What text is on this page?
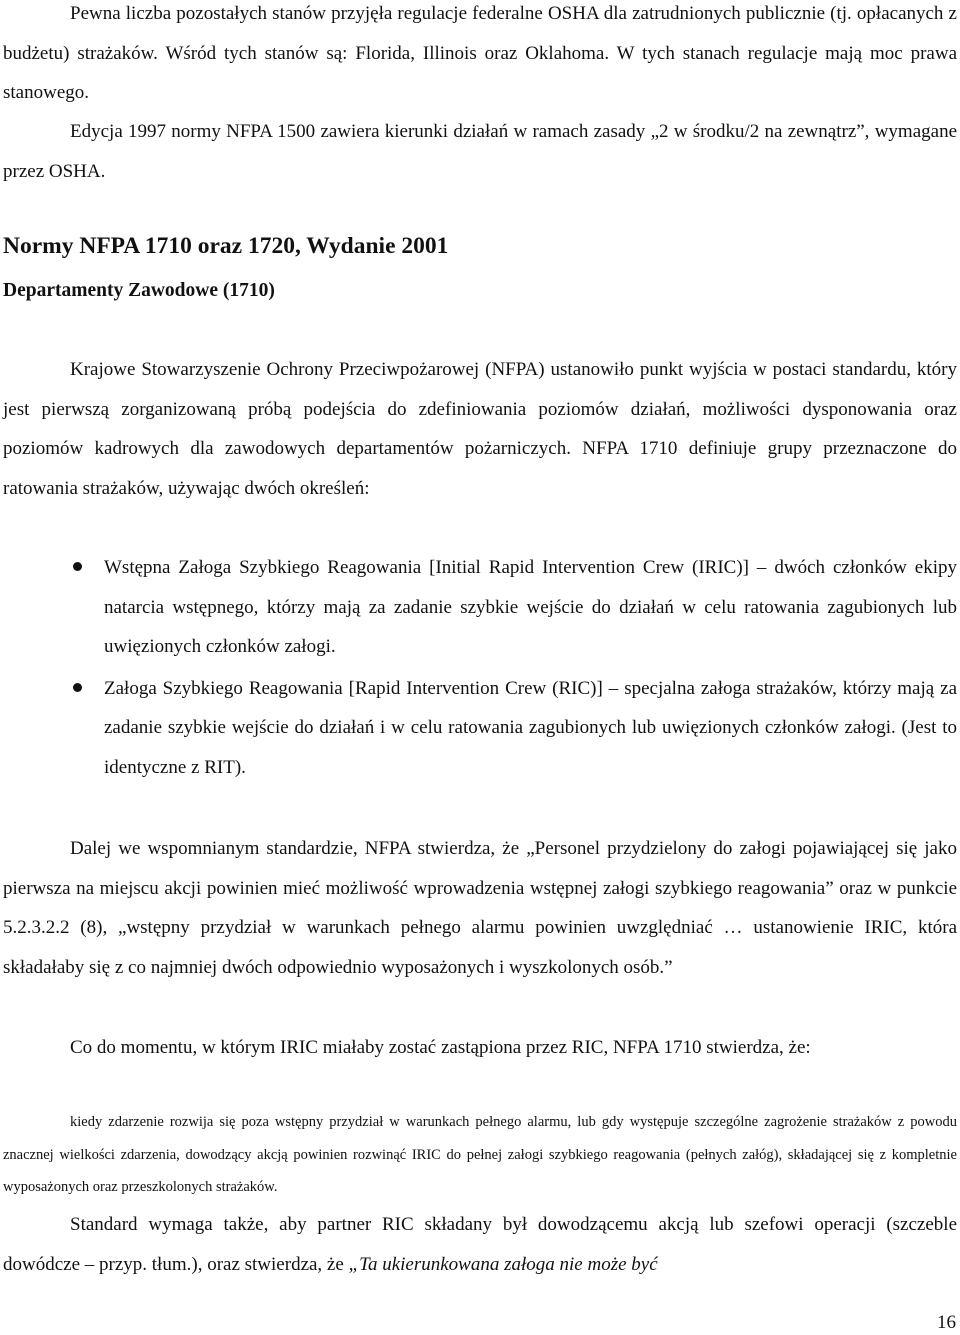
Pewna liczba pozostałych stanów przyjęła regulacje federalne OSHA dla zatrudnionych publicznie (tj. opłacanych z budżetu) strażaków. Wśród tych stanów są: Florida, Illinois oraz Oklahoma. W tych stanach regulacje mają moc prawa stanowego.

Edycja 1997 normy NFPA 1500 zawiera kierunki działań w ramach zasady „2 w środku/2 na zewnątrz”, wymagane przez OSHA.

Normy NFPA 1710 oraz 1720, Wydanie 2001
Departamenty Zawodowe (1710)

Krajowe Stowarzyszenie Ochrony Przeciwpożarowej (NFPA) ustanowiło punkt wyjścia w postaci standardu, który jest pierwszą zorganizowaną próbą podejścia do zdefiniowania poziomów działań, możliwości dysponowania oraz poziomów kadrowych dla zawodowych departamentów pożarniczych. NFPA 1710 definiuje grupy przeznaczone do ratowania strażaków, używając dwóch określeń:

Wstępna Załoga Szybkiego Reagowania [Initial Rapid Intervention Crew (IRIC)] – dwóch członków ekipy natarcia wstępnego, którzy mają za zadanie szybkie wejście do działań w celu ratowania zagubionych lub uwięzionych członków załogi.
Załoga Szybkiego Reagowania [Rapid Intervention Crew (RIC)] – specjalna załoga strażaków, którzy mają za zadanie szybkie wejście do działań i w celu ratowania zagubionych lub uwięzionych członków załogi. (Jest to identyczne z RIT).

Dalej we wspomnianym standardzie, NFPA stwierdza, że „Personel przydzielony do załogi pojawiającej się jako pierwsza na miejscu akcji powinien mieć możliwość wprowadzenia wstępnej załogi szybkiego reagowania” oraz w punkcie 5.2.3.2.2 (8), „wstępny przydział w warunkach pełnego alarmu powinien uwzględniać … ustanowienie IRIC, która składałaby się z co najmniej dwóch odpowiednio wyposażonych i wyszkolonych osób.”

Co do momentu, w którym IRIC miałaby zostać zastąpiona przez RIC, NFPA 1710 stwierdza, że:

kiedy zdarzenie rozwija się poza wstępny przydział w warunkach pełnego alarmu, lub gdy występuje szczególne zagrożenie strażaków z powodu znacznej wielkości zdarzenia, dowodzący akcją powinien rozwinąć IRIC do pełnej załogi szybkiego reagowania (pełnych załóg), składającej się z kompletnie wyposażonych oraz przeszkolonych strażaków.

Standard wymaga także, aby partner RIC składany był dowodzącemu akcją lub szefowi operacji (szczeble dowódcze – przyp. tłum.), oraz stwierdza, że „Ta ukierunkowana załoga nie może być

16
